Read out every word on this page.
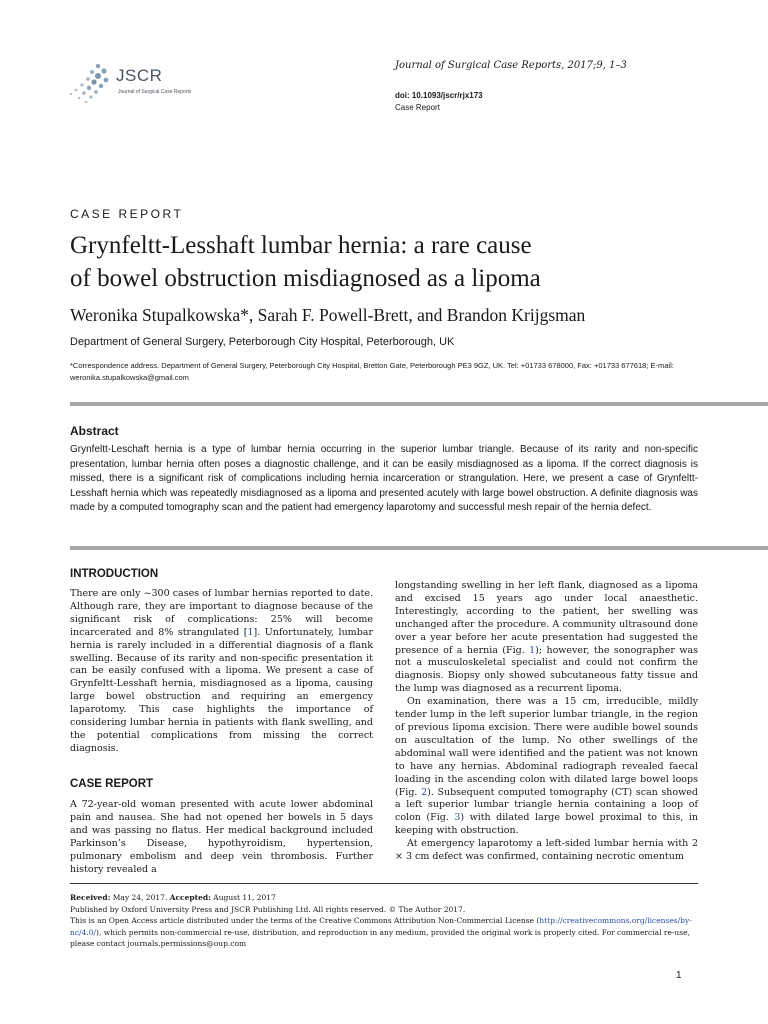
JSCR
Journal of Surgical Case Reports
Journal of Surgical Case Reports, 2017;9, 1–3
doi: 10.1093/jscr/rjx173
Case Report
CASE REPORT
Grynfeltt-Lesshaft lumbar hernia: a rare cause
of bowel obstruction misdiagnosed as a lipoma
Weronika Stupalkowska*, Sarah F. Powell-Brett, and Brandon Krijgsman
Department of General Surgery, Peterborough City Hospital, Peterborough, UK
*Correspondence address. Department of General Surgery, Peterborough City Hospital, Bretton Gate, Peterborough PE3 9GZ, UK. Tel: +01733 678000, Fax: +01733 677618; E-mail: weronika.stupalkowska@gmail.com
Abstract
Grynfeltt-Leschaft hernia is a type of lumbar hernia occurring in the superior lumbar triangle. Because of its rarity and non-specific presentation, lumbar hernia often poses a diagnostic challenge, and it can be easily misdiagnosed as a lipoma. If the correct diagnosis is missed, there is a significant risk of complications including hernia incarceration or strangulation. Here, we present a case of Grynfeltt-Lesshaft hernia which was repeatedly misdiagnosed as a lipoma and presented acutely with large bowel obstruction. A definite diagnosis was made by a computed tomography scan and the patient had emergency laparotomy and successful mesh repair of the hernia defect.
INTRODUCTION

There are only ~300 cases of lumbar hernias reported to date. Although rare, they are important to diagnose because of the significant risk of complications: 25% will become incarcerated and 8% strangulated [1]. Unfortunately, lumbar hernia is rarely included in a differential diagnosis of a flank swelling. Because of its rarity and non-specific presentation it can be easily confused with a lipoma. We present a case of Grynfeltt-Lesshaft hernia, misdiagnosed as a lipoma, causing large bowel obstruction and requiring an emergency laparotomy. This case highlights the importance of considering lumbar hernia in patients with flank swelling, and the potential complications from missing the correct diagnosis.

CASE REPORT

A 72-year-old woman presented with acute lower abdominal pain and nausea. She had not opened her bowels in 5 days and was passing no flatus. Her medical background included Parkinson’s Disease, hypothyroidism, hypertension, pulmonary embolism and deep vein thrombosis. Further history revealed a

longstanding swelling in her left flank, diagnosed as a lipoma and excised 15 years ago under local anaesthetic. Interestingly, according to the patient, her swelling was unchanged after the procedure. A community ultrasound done over a year before her acute presentation had suggested the presence of a hernia (Fig. 1); however, the sonographer was not a musculoskeletal specialist and could not confirm the diagnosis. Biopsy only showed subcutaneous fatty tissue and the lump was diagnosed as a recurrent lipoma.

On examination, there was a 15 cm, irreducible, mildly tender lump in the left superior lumbar triangle, in the region of previous lipoma excision. There were audible bowel sounds on auscultation of the lump. No other swellings of the abdominal wall were identified and the patient was not known to have any hernias. Abdominal radiograph revealed faecal loading in the ascending colon with dilated large bowel loops (Fig. 2). Subsequent computed tomography (CT) scan showed a left superior lumbar triangle hernia containing a loop of colon (Fig. 3) with dilated large bowel proximal to this, in keeping with obstruction.

At emergency laparotomy a left-sided lumbar hernia with 2 × 3 cm defect was confirmed, containing necrotic omentum

Received: May 24, 2017. Accepted: August 11, 2017

Published by Oxford University Press and JSCR Publishing Ltd. All rights reserved. © The Author 2017.

This is an Open Access article distributed under the terms of the Creative Commons Attribution Non-Commercial License (http://creativecommons.org/licenses/by-nc/4.0/), which permits non-commercial re-use, distribution, and reproduction in any medium, provided the original work is properly cited. For commercial re-use, please contact journals.permissions@oup.com

1
